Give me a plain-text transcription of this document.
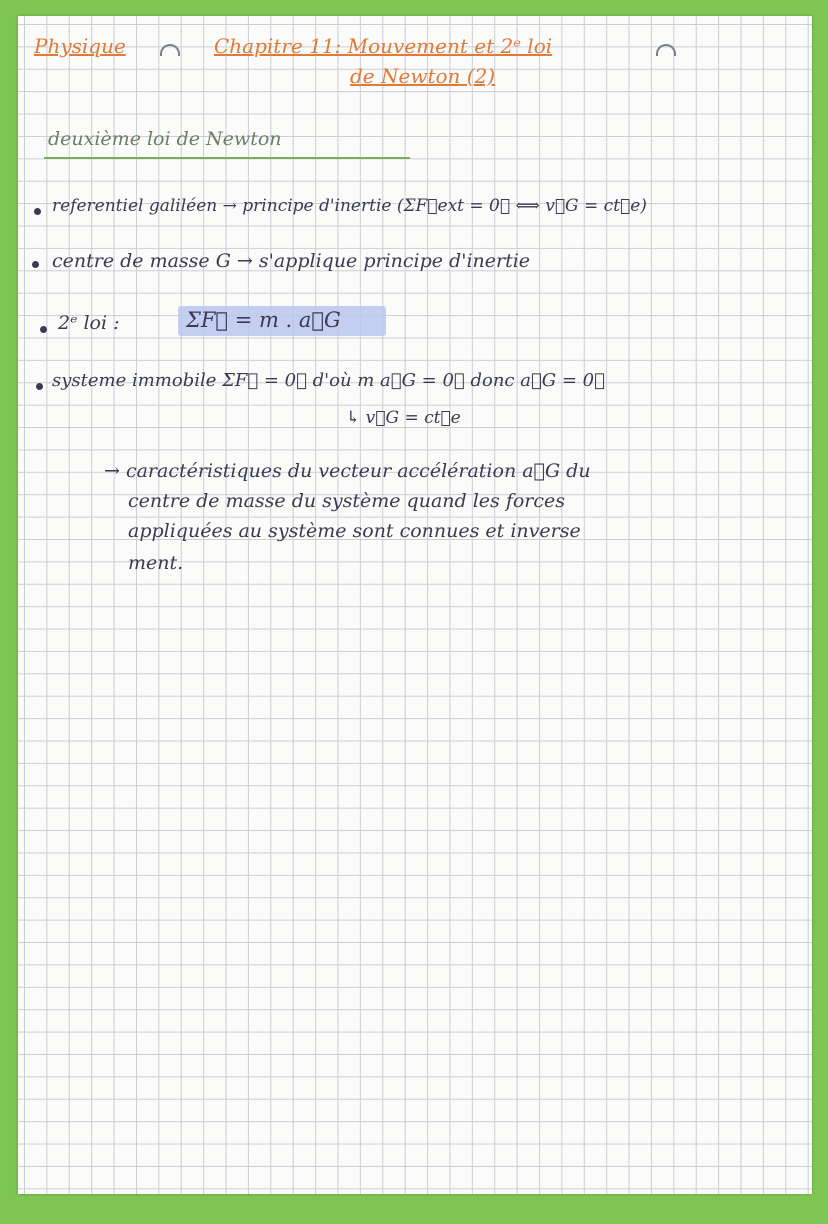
Physique	Chapitre 11: Mouvement et 2ᵉ loi
de Newton (2)
deuxième loi de Newton
referentiel galiléen → principe d'inertie (ΣF⃗ext = 0⃗ ⟺ v⃗G = ct⃗e)
centre de masse G → s'applique principe d'inertie
2ᵉ loi :	ΣF⃗ = m . a⃗G
systeme immobile ΣF⃗ = 0⃗ d'où m a⃗G = 0⃗ donc a⃗G = 0⃗
↳ v⃗G = ct⃗e
→ caractéristiques du vecteur accélération a⃗G du
centre de masse du système quand les forces
appliquées au système sont connues et inverse
ment.
